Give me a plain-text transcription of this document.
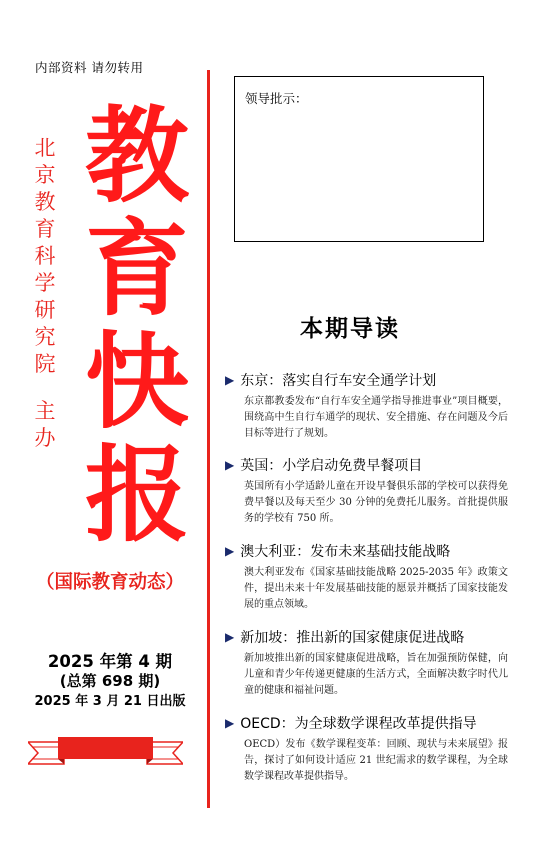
内部资料 请勿转用
北京教育科学研究院
主办
教育快报
（国际教育动态）
2025 年第 4 期
(总第 698 期)
2025 年 3 月 21 日出版
领导批示：
本期导读
▶ 东京：落实自行车安全通学计划
东京都教委发布“自行车安全通学指导推进事业”项目概要，围绕高中生自行车通学的现状、安全措施、存在问题及今后目标等进行了规划。
▶ 英国：小学启动免费早餐项目
英国所有小学适龄儿童在开设早餐俱乐部的学校可以获得免费早餐以及每天至少 30 分钟的免费托儿服务。首批提供服务的学校有 750 所。
▶ 澳大利亚：发布未来基础技能战略
澳大利亚发布《国家基础技能战略 2025-2035 年》政策文件，提出未来十年发展基础技能的愿景并概括了国家技能发展的重点领域。
▶ 新加坡：推出新的国家健康促进战略
新加坡推出新的国家健康促进战略，旨在加强预防保健，向儿童和青少年传递更健康的生活方式，全面解决数字时代儿童的健康和福祉问题。
▶ OECD：为全球数学课程改革提供指导
OECD）发布《数学课程变革：回顾、现状与未来展望》报告，探讨了如何设计适应 21 世纪需求的数学课程，为全球数学课程改革提供指导。
